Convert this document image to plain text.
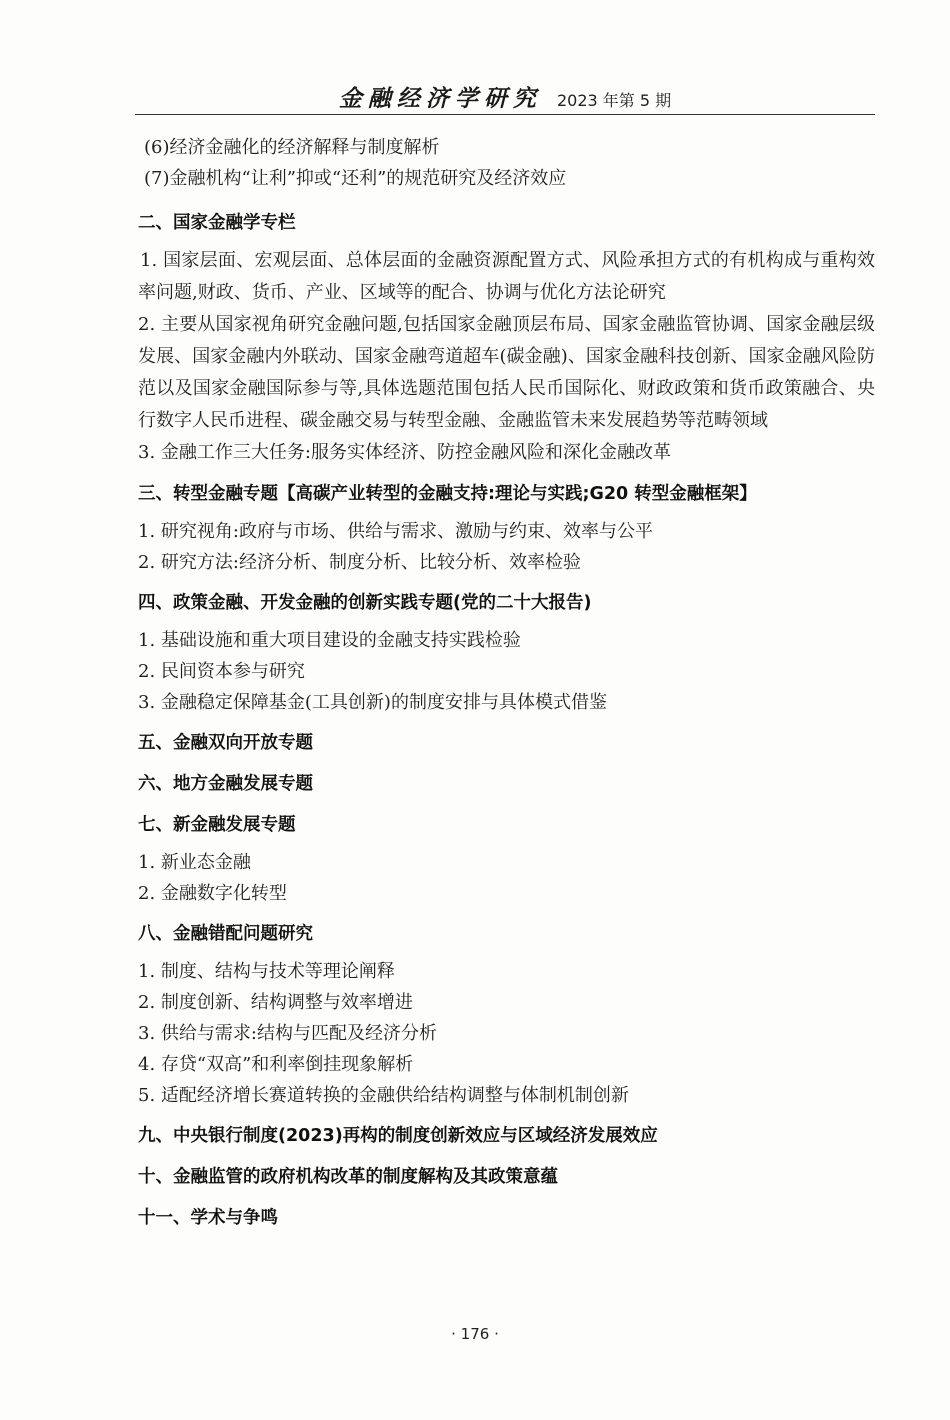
金融经济学研究 2023 年第 5 期

(6)经济金融化的经济解释与制度解析

(7)金融机构“让利”抑或“还利”的规范研究及经济效应

二、国家金融学专栏

1. 国家层面、宏观层面、总体层面的金融资源配置方式、风险承担方式的有机构成与重构效率问题,财政、货币、产业、区域等的配合、协调与优化方法论研究

2. 主要从国家视角研究金融问题,包括国家金融顶层布局、国家金融监管协调、国家金融层级发展、国家金融内外联动、国家金融弯道超车(碳金融)、国家金融科技创新、国家金融风险防范以及国家金融国际参与等,具体选题范围包括人民币国际化、财政政策和货币政策融合、央行数字人民币进程、碳金融交易与转型金融、金融监管未来发展趋势等范畴领域

3. 金融工作三大任务:服务实体经济、防控金融风险和深化金融改革

三、转型金融专题【高碳产业转型的金融支持:理论与实践;G20 转型金融框架】

1. 研究视角:政府与市场、供给与需求、激励与约束、效率与公平

2. 研究方法:经济分析、制度分析、比较分析、效率检验

四、政策金融、开发金融的创新实践专题(党的二十大报告)

1. 基础设施和重大项目建设的金融支持实践检验

2. 民间资本参与研究

3. 金融稳定保障基金(工具创新)的制度安排与具体模式借鉴

五、金融双向开放专题

六、地方金融发展专题

七、新金融发展专题

1. 新业态金融

2. 金融数字化转型

八、金融错配问题研究

1. 制度、结构与技术等理论阐释

2. 制度创新、结构调整与效率增进

3. 供给与需求:结构与匹配及经济分析

4. 存贷“双高”和利率倒挂现象解析

5. 适配经济增长赛道转换的金融供给结构调整与体制机制创新

九、中央银行制度(2023)再构的制度创新效应与区域经济发展效应

十、金融监管的政府机构改革的制度解构及其政策意蕴

十一、学术与争鸣

· 176 ·
